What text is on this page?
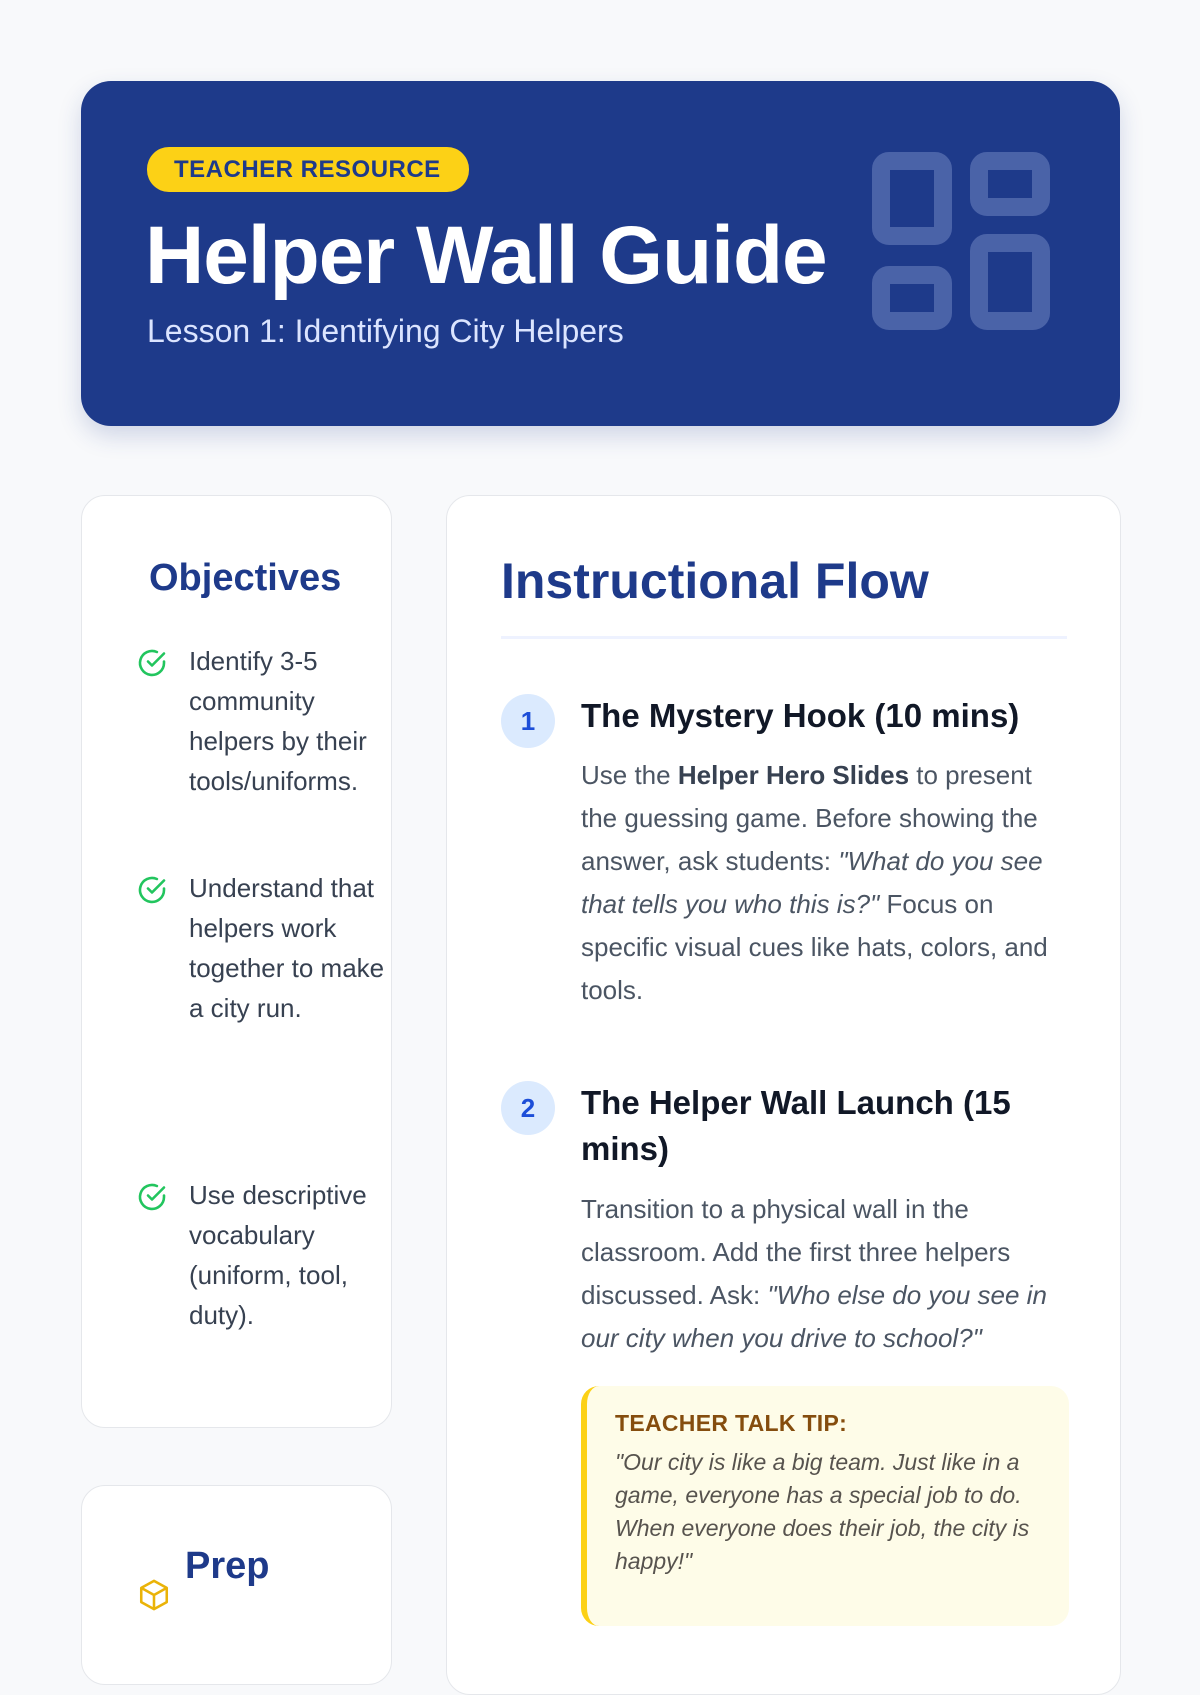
TEACHER RESOURCE
Helper Wall Guide
Lesson 1: Identifying City Helpers
Objectives
Identify 3-5 community helpers by their tools/uniforms.
Understand that helpers work together to make a city run.
Use descriptive vocabulary (uniform, tool, duty).
Prep
Instructional Flow
1	The Mystery Hook (10 mins)
Use the Helper Hero Slides to present the guessing game. Before showing the answer, ask students: "What do you see that tells you who this is?" Focus on specific visual cues like hats, colors, and tools.
2	The Helper Wall Launch (15 mins)
Transition to a physical wall in the classroom. Add the first three helpers discussed. Ask: "Who else do you see in our city when you drive to school?"
TEACHER TALK TIP:
"Our city is like a big team. Just like in a game, everyone has a special job to do. When everyone does their job, the city is happy!"
